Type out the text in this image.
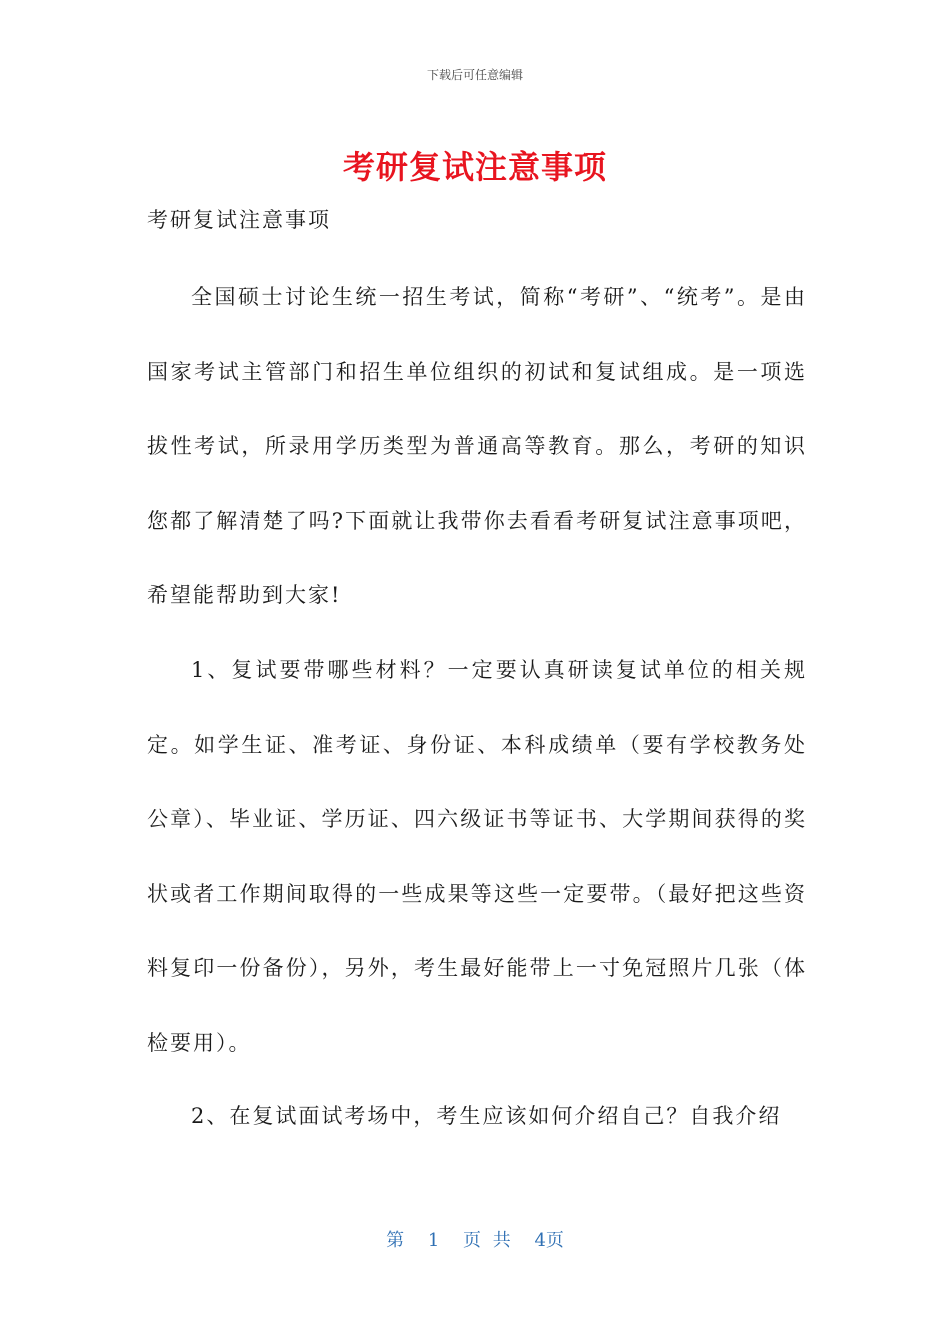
下载后可任意编辑
考研复试注意事项
考研复试注意事项

全国硕士讨论生统一招生考试，简称“考研”、“统考”。是由国家考试主管部门和招生单位组织的初试和复试组成。是一项选拔性考试，所录用学历类型为普通高等教育。那么，考研的知识您都了解清楚了吗?下面就让我带你去看看考研复试注意事项吧，希望能帮助到大家!

1、复试要带哪些材料？一定要认真研读复试单位的相关规定。如学生证、准考证、身份证、本科成绩单（要有学校教务处公章）、毕业证、学历证、四六级证书等证书、大学期间获得的奖状或者工作期间取得的一些成果等这些一定要带。（最好把这些资料复印一份备份），另外，考生最好能带上一寸免冠照片几张（体检要用）。

2、在复试面试考场中，考生应该如何介绍自己？自我介绍

第 1 页 共 4页
